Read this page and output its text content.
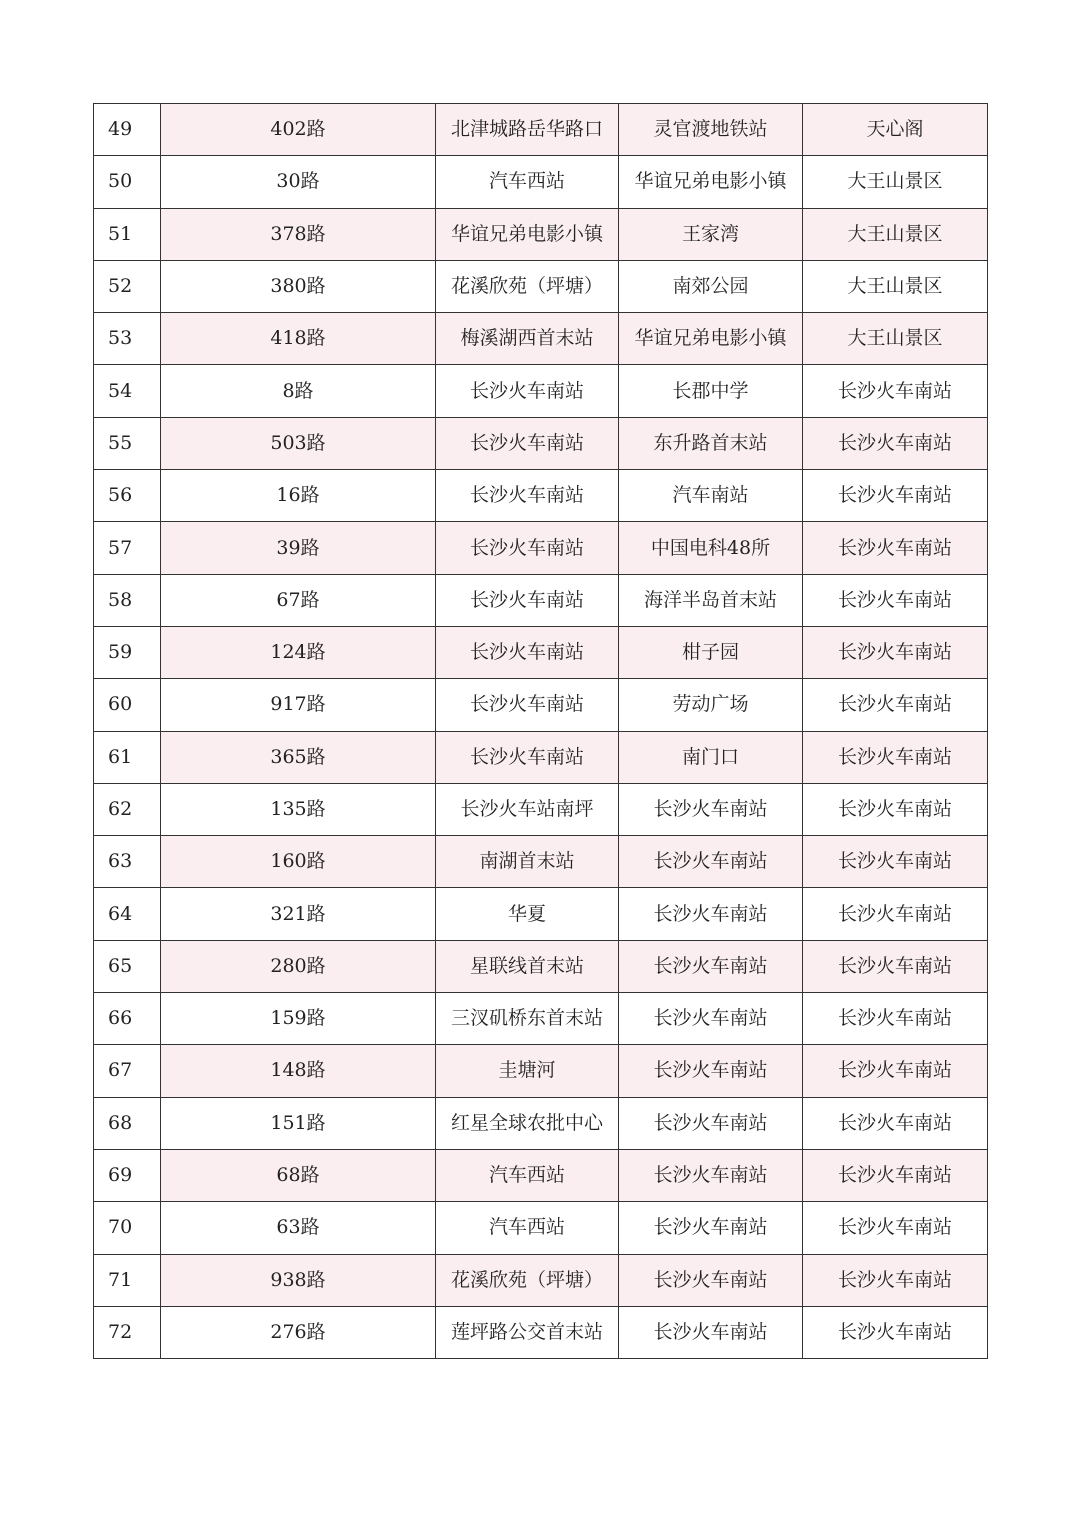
49	402路	北津城路岳华路口	灵官渡地铁站	天心阁
50	30路	汽车西站	华谊兄弟电影小镇	大王山景区
51	378路	华谊兄弟电影小镇	王家湾	大王山景区
52	380路	花溪欣苑（坪塘）	南郊公园	大王山景区
53	418路	梅溪湖西首末站	华谊兄弟电影小镇	大王山景区
54	8路	长沙火车南站	长郡中学	长沙火车南站
55	503路	长沙火车南站	东升路首末站	长沙火车南站
56	16路	长沙火车南站	汽车南站	长沙火车南站
57	39路	长沙火车南站	中国电科48所	长沙火车南站
58	67路	长沙火车南站	海洋半岛首末站	长沙火车南站
59	124路	长沙火车南站	柑子园	长沙火车南站
60	917路	长沙火车南站	劳动广场	长沙火车南站
61	365路	长沙火车南站	南门口	长沙火车南站
62	135路	长沙火车站南坪	长沙火车南站	长沙火车南站
63	160路	南湖首末站	长沙火车南站	长沙火车南站
64	321路	华夏	长沙火车南站	长沙火车南站
65	280路	星联线首末站	长沙火车南站	长沙火车南站
66	159路	三汊矶桥东首末站	长沙火车南站	长沙火车南站
67	148路	圭塘河	长沙火车南站	长沙火车南站
68	151路	红星全球农批中心	长沙火车南站	长沙火车南站
69	68路	汽车西站	长沙火车南站	长沙火车南站
70	63路	汽车西站	长沙火车南站	长沙火车南站
71	938路	花溪欣苑（坪塘）	长沙火车南站	长沙火车南站
72	276路	莲坪路公交首末站	长沙火车南站	长沙火车南站
